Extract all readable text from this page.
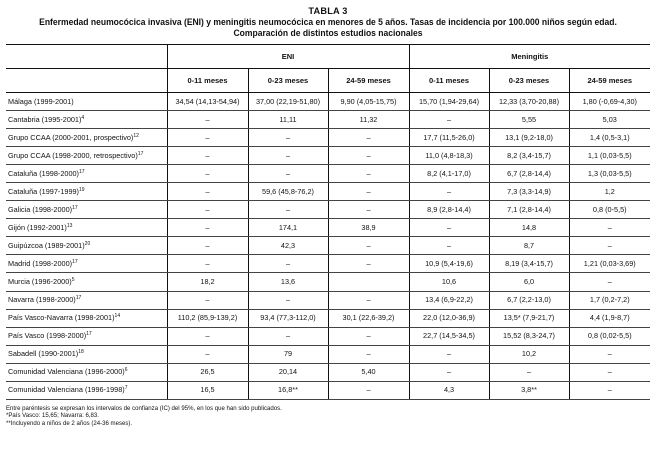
TABLA 3
Enfermedad neumocócica invasiva (ENI) y meningitis neumocócica en menores de 5 años. Tasas de incidencia por 100.000 niños según edad.
Comparación de distintos estudios nacionales
	ENI			Meningitis		
	0-11 meses	0-23 meses	24-59 meses	0-11 meses	0-23 meses	24-59 meses
Málaga (1999-2001)	34,54 (14,13-54,94)	37,00 (22,19-51,80)	9,90 (4,05-15,75)	15,70 (1,94-29,64)	12,33 (3,70-20,88)	1,80 (-0,69-4,30)
Cantabria (1995-2001)$^4$	–	11,11	11,32	–	5,55	5,03
Grupo CCAA (2000-2001, prospectivo)$^{12}$	–	–	–	17,7 (11,5-26,0)	13,1 (9,2-18,0)	1,4 (0,5-3,1)
Grupo CCAA (1998-2000, retrospectivo)$^{17}$	–	–	–	11,0 (4,8-18,3)	8,2 (3,4-15,7)	1,1 (0,03-5,5)
Cataluña (1998-2000)$^{17}$	–	–	–	8,2 (4,1-17,0)	6,7 (2,8-14,4)	1,3 (0,03-5,5)
Cataluña (1997-1999)$^{19}$	–	59,6 (45,8-76,2)	–	–	7,3 (3,3-14,9)	1,2
Galicia (1998-2000)$^{17}$	–	–	–	8,9 (2,8-14,4)	7,1 (2,8-14,4)	0,8 (0-5,5)
Gijón (1992-2001)$^{13}$	–	174,1	38,9	–	14,8	–
Guipúzcoa (1989-2001)$^{20}$	–	42,3	–	–	8,7	–
Madrid (1998-2000)$^{17}$	–	–	–	10,9 (5,4-19,6)	8,19 (3,4-15,7)	1,21 (0,03-3,69)
Murcia (1996-2000)$^5$	18,2	13,6		10,6	6,0	–
Navarra (1998-2000)$^{17}$	–	–	–	13,4 (6,9-22,2)	6,7 (2,2-13,0)	1,7 (0,2-7,2)
País Vasco-Navarra (1998-2001)$^{14}$	110,2 (85,9-139,2)	93,4 (77,3-112,0)	30,1 (22,6-39,2)	22,0 (12,0-36,9)	13,5* (7,9-21,7)	4,4 (1,9-8,7)
País Vasco (1998-2000)$^{17}$	–	–	–	22,7 (14,5-34,5)	15,52 (8,3-24,7)	0,8 (0,02-5,5)
Sabadell (1990-2001)$^{18}$	–	79	–	–	10,2	–
Comunidad Valenciana (1996-2000)$^6$	26,5	20,14	5,40	–	–	–
Comunidad Valenciana (1996-1998)$^7$	16,5	16,8**	–	4,3	3,8**	–
Entre paréntesis se expresan los intervalos de confianza (IC) del 95%, en los que han sido publicados.
*País Vasco: 15,65; Navarra: 6,83.
**Incluyendo a niños de 2 años (24-36 meses).
